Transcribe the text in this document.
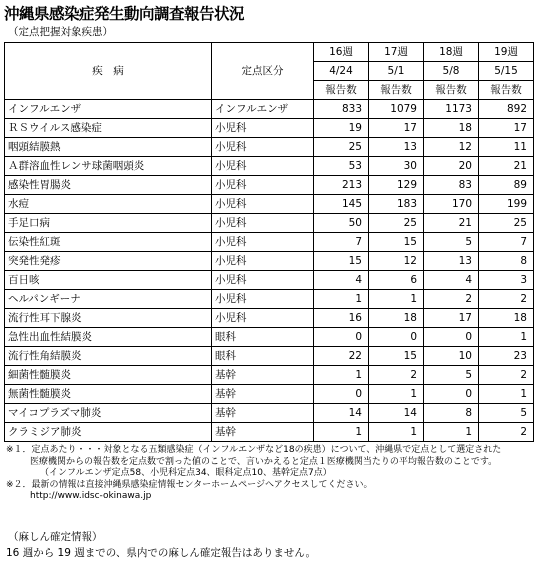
沖縄県感染症発生動向調査報告状況
（定点把握対象疾患）
疾　病	定点区分	16週	17週	18週	19週
		4/24	5/1	5/8	5/15
		報告数	報告数	報告数	報告数
インフルエンザ	インフルエンザ	833	1079	1173	892
ＲＳウイルス感染症	小児科	19	17	18	17
咽頭結膜熱	小児科	25	13	12	11
Ａ群溶血性レンサ球菌咽頭炎	小児科	53	30	20	21
感染性胃腸炎	小児科	213	129	83	89
水痘	小児科	145	183	170	199
手足口病	小児科	50	25	21	25
伝染性紅斑	小児科	7	15	5	7
突発性発疹	小児科	15	12	13	8
百日咳	小児科	4	6	4	3
ヘルパンギーナ	小児科	1	1	2	2
流行性耳下腺炎	小児科	16	18	17	18
急性出血性結膜炎	眼科	0	0	0	1
流行性角結膜炎	眼科	22	15	10	23
細菌性髄膜炎	基幹	1	2	5	2
無菌性髄膜炎	基幹	0	1	0	1
マイコプラズマ肺炎	基幹	14	14	8	5
クラミジア肺炎	基幹	1	1	1	2
※１．定点あたり・・・対象となる五類感染症（インフルエンザなど18の疾患）について、沖縄県で定点として選定された
医療機関からの報告数を定点数で割った値のことで、言いかえると定点１医療機関当たりの平均報告数のことです。
（インフルエンザ定点58、小児科定点34、眼科定点10、基幹定点7点）
※２．最新の情報は直接沖縄県感染症情報センターホームページへアクセスしてください。
http://www.idsc-okinawa.jp
（麻しん確定情報）
16 週から 19 週までの、県内での麻しん確定報告はありません。
